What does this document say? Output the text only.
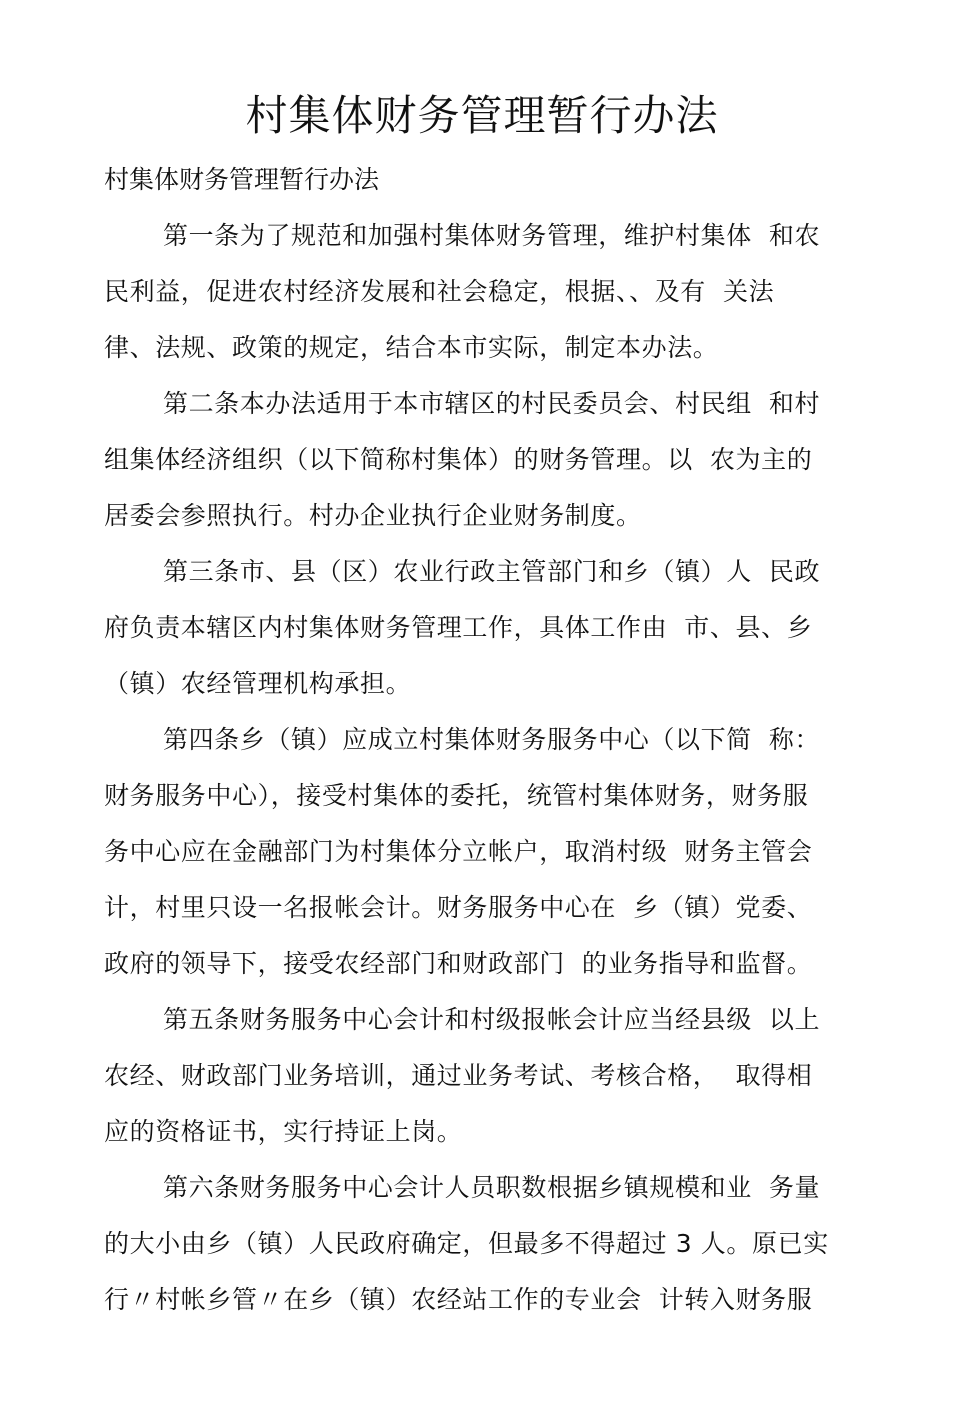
村集体财务管理暂行办法

村集体财务管理暂行办法

第一条为了规范和加强村集体财务管理，维护村集体  和农

民利益，促进农村经济发展和社会稳定，根据、、及有  关法

律、法规、政策的规定，结合本市实际，制定本办法。

第二条本办法适用于本市辖区的村民委员会、村民组  和村

组集体经济组织（以下简称村集体）的财务管理。以  农为主的

居委会参照执行。村办企业执行企业财务制度。

第三条市、县（区）农业行政主管部门和乡（镇）人  民政

府负责本辖区内村集体财务管理工作，具体工作由  市、县、乡

（镇）农经管理机构承担。

第四条乡（镇）应成立村集体财务服务中心（以下简  称：

财务服务中心），接受村集体的委托，统管村集体财务，财务服

务中心应在金融部门为村集体分立帐户，取消村级  财务主管会

计，村里只设一名报帐会计。财务服务中心在  乡（镇）党委、

政府的领导下，接受农经部门和财政部门  的业务指导和监督。

第五条财务服务中心会计和村级报帐会计应当经县级  以上

农经、财政部门业务培训，通过业务考试、考核合格，  取得相

应的资格证书，实行持证上岗。

第六条财务服务中心会计人员职数根据乡镇规模和业  务量

的大小由乡（镇）人民政府确定，但最多不得超过 3 人。原已实

行〃村帐乡管〃在乡（镇）农经站工作的专业会  计转入财务服
